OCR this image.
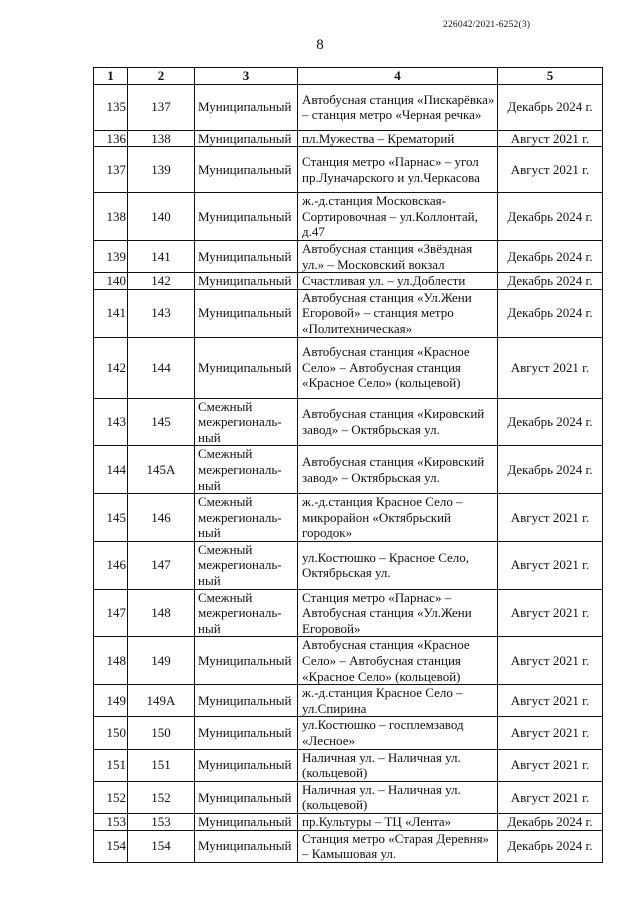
226042/2021-6252(3)
8
1	2	3	4	5
135	137	Муниципальный	Автобусная станция «Пискарёвка» – станция метро «Черная речка»	Декабрь 2024 г.
136	138	Муниципальный	пл.Мужества – Крематорий	Август 2021 г.
137	139	Муниципальный	Станция метро «Парнас» – угол пр.Луначарского и ул.Черкасова	Август 2021 г.
138	140	Муниципальный	ж.-д.станция Московская-Сортировочная – ул.Коллонтай, д.47	Декабрь 2024 г.
139	141	Муниципальный	Автобусная станция «Звёздная ул.» – Московский вокзал	Декабрь 2024 г.
140	142	Муниципальный	Счастливая ул. – ул.Доблести	Декабрь 2024 г.
141	143	Муниципальный	Автобусная станция «Ул.Жени Егоровой» – станция метро «Политехническая»	Декабрь 2024 г.
142	144	Муниципальный	Автобусная станция «Красное Село» – Автобусная станция «Красное Село» (кольцевой)	Август 2021 г.
143	145	Смежный межрегиональ-ный	Автобусная станция «Кировский завод» – Октябрьская ул.	Декабрь 2024 г.
144	145А	Смежный межрегиональ-ный	Автобусная станция «Кировский завод» – Октябрьская ул.	Декабрь 2024 г.
145	146	Смежный межрегиональ-ный	ж.-д.станция Красное Село – микрорайон «Октябрьский городок»	Август 2021 г.
146	147	Смежный межрегиональ-ный	ул.Костюшко – Красное Село, Октябрьская ул.	Август 2021 г.
147	148	Смежный межрегиональ-ный	Станция метро «Парнас» – Автобусная станция «Ул.Жени Егоровой»	Август 2021 г.
148	149	Муниципальный	Автобусная станция «Красное Село» – Автобусная станция «Красное Село» (кольцевой)	Август 2021 г.
149	149А	Муниципальный	ж.-д.станция Красное Село – ул.Спирина	Август 2021 г.
150	150	Муниципальный	ул.Костюшко – госплемзавод «Лесное»	Август 2021 г.
151	151	Муниципальный	Наличная ул. – Наличная ул.(кольцевой)	Август 2021 г.
152	152	Муниципальный	Наличная ул. – Наличная ул. (кольцевой)	Август 2021 г.
153	153	Муниципальный	пр.Культуры – ТЦ «Лента»	Декабрь 2024 г.
154	154	Муниципальный	Станция метро «Старая Деревня» – Камышовая ул.	Декабрь 2024 г.
